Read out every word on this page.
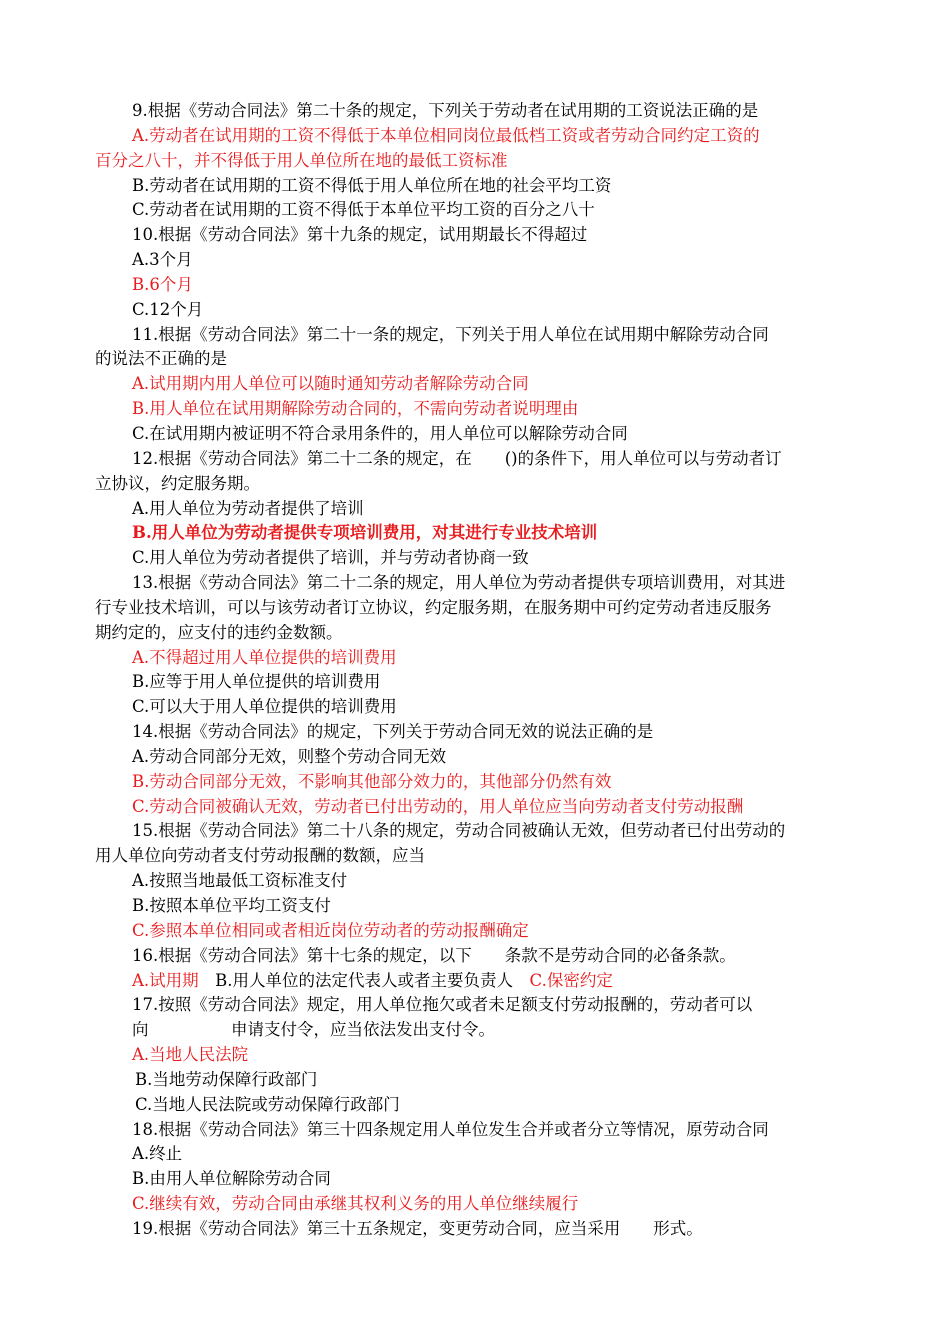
9.根据《劳动合同法》第二十条的规定，下列关于劳动者在试用期的工资说法正确的是
A.劳动者在试用期的工资不得低于本单位相同岗位最低档工资或者劳动合同约定工资的
百分之八十，并不得低于用人单位所在地的最低工资标准
B.劳动者在试用期的工资不得低于用人单位所在地的社会平均工资
C.劳动者在试用期的工资不得低于本单位平均工资的百分之八十
10.根据《劳动合同法》第十九条的规定，试用期最长不得超过
A.3个月
B.6个月
C.12个月
11.根据《劳动合同法》第二十一条的规定，下列关于用人单位在试用期中解除劳动合同
的说法不正确的是
A.试用期内用人单位可以随时通知劳动者解除劳动合同
B.用人单位在试用期解除劳动合同的，不需向劳动者说明理由
C.在试用期内被证明不符合录用条件的，用人单位可以解除劳动合同
12.根据《劳动合同法》第二十二条的规定，在　　()的条件下，用人单位可以与劳动者订
立协议，约定服务期。
A.用人单位为劳动者提供了培训
B.用人单位为劳动者提供专项培训费用，对其进行专业技术培训
C.用人单位为劳动者提供了培训，并与劳动者协商一致
13.根据《劳动合同法》第二十二条的规定，用人单位为劳动者提供专项培训费用，对其进
行专业技术培训，可以与该劳动者订立协议，约定服务期，在服务期中可约定劳动者违反服务
期约定的，应支付的违约金数额。
A.不得超过用人单位提供的培训费用
B.应等于用人单位提供的培训费用
C.可以大于用人单位提供的培训费用
14.根据《劳动合同法》的规定，下列关于劳动合同无效的说法正确的是
A.劳动合同部分无效，则整个劳动合同无效
B.劳动合同部分无效，不影响其他部分效力的，其他部分仍然有效
C.劳动合同被确认无效，劳动者已付出劳动的，用人单位应当向劳动者支付劳动报酬
15.根据《劳动合同法》第二十八条的规定，劳动合同被确认无效，但劳动者已付出劳动的
用人单位向劳动者支付劳动报酬的数额，应当
A.按照当地最低工资标准支付
B.按照本单位平均工资支付
C.参照本单位相同或者相近岗位劳动者的劳动报酬确定
16.根据《劳动合同法》第十七条的规定，以下　　条款不是劳动合同的必备条款。
A.试用期　B.用人单位的法定代表人或者主要负责人　C.保密约定
17.按照《劳动合同法》规定，用人单位拖欠或者未足额支付劳动报酬的，劳动者可以
向　　　　　申请支付令，应当依法发出支付令。
A.当地人民法院
B.当地劳动保障行政部门
C.当地人民法院或劳动保障行政部门
18.根据《劳动合同法》第三十四条规定用人单位发生合并或者分立等情况，原劳动合同
A.终止
B.由用人单位解除劳动合同
C.继续有效，劳动合同由承继其权利义务的用人单位继续履行
19.根据《劳动合同法》第三十五条规定，变更劳动合同，应当采用　　形式。
